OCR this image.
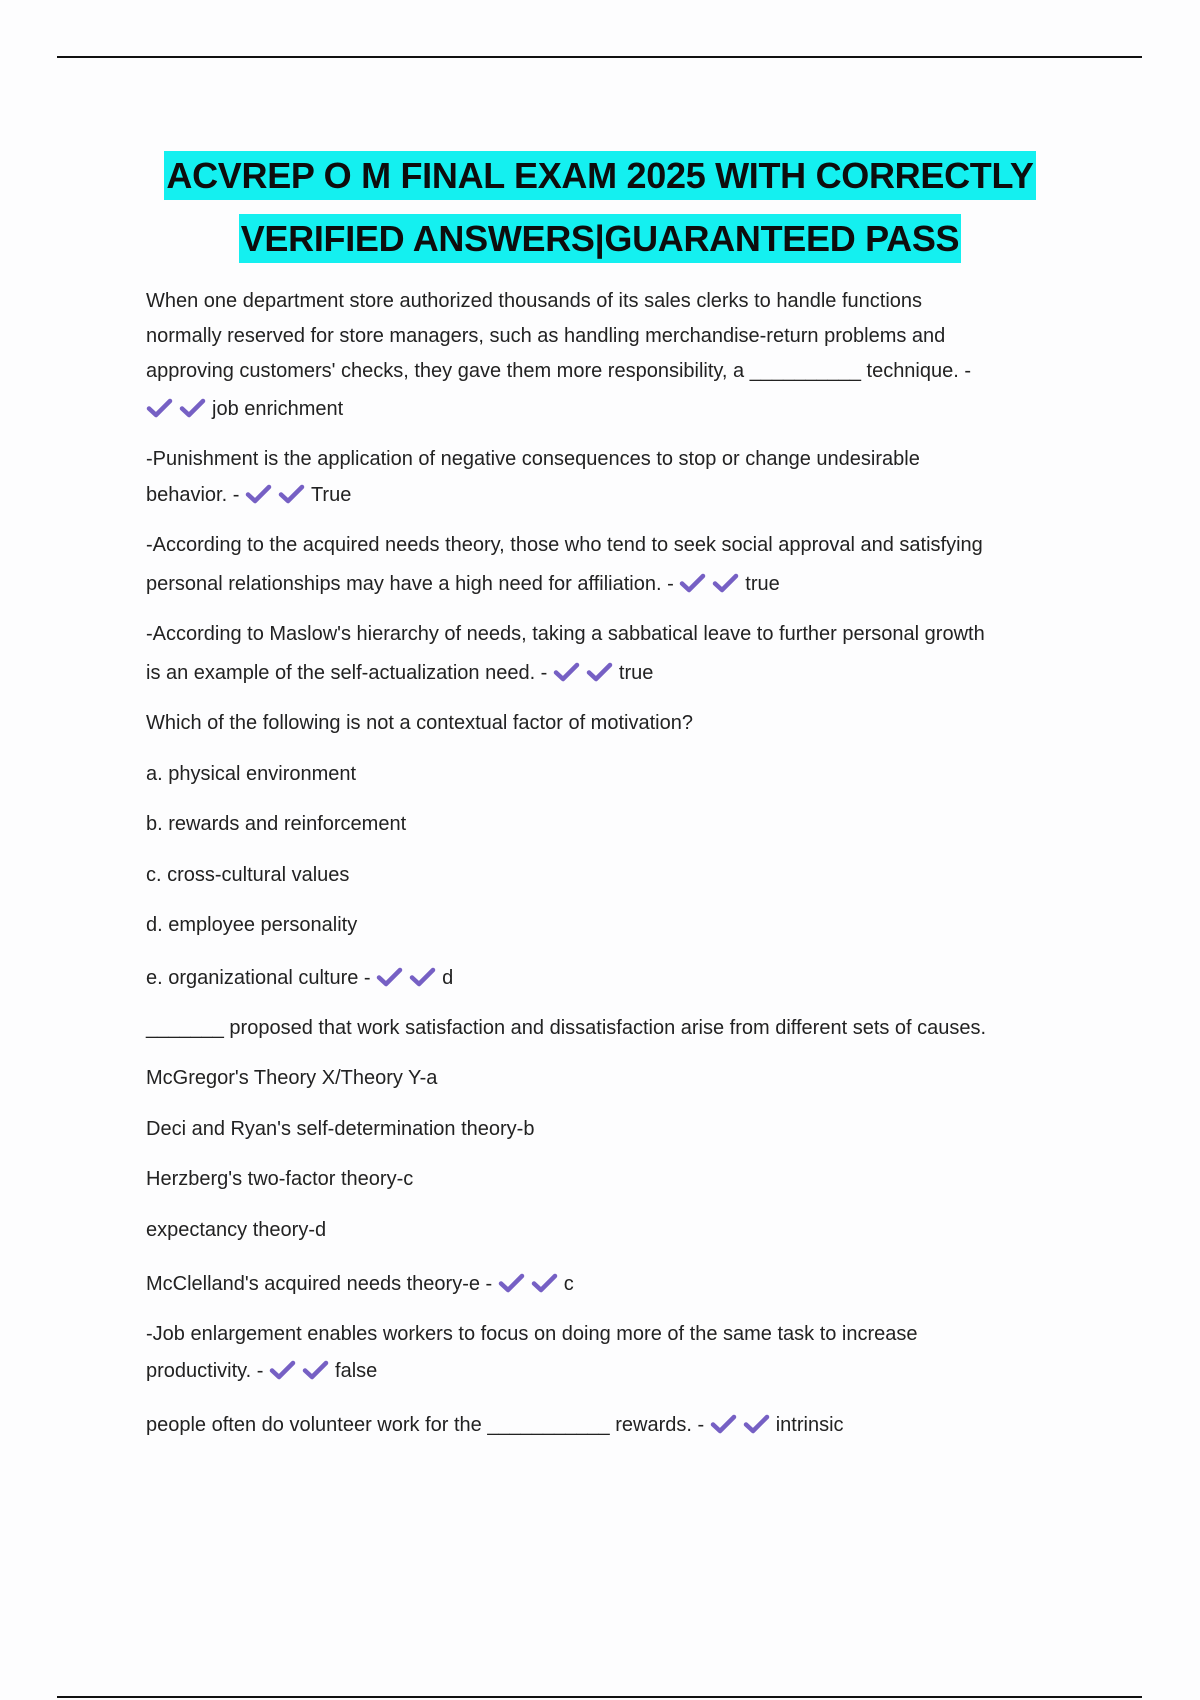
ACVREP O M FINAL EXAM 2025 WITH CORRECTLY
VERIFIED ANSWERS|GUARANTEED PASS
When one department store authorized thousands of its sales clerks to handle functions
normally reserved for store managers, such as handling merchandise-return problems and
approving customers' checks, they gave them more responsibility, a __________ technique. -
job enrichment
-Punishment is the application of negative consequences to stop or change undesirable
behavior. -	True
-According to the acquired needs theory, those who tend to seek social approval and satisfying
personal relationships may have a high need for affiliation. -	true
-According to Maslow's hierarchy of needs, taking a sabbatical leave to further personal growth
is an example of the self-actualization need. -	true
Which of the following is not a contextual factor of motivation?
a. physical environment
b. rewards and reinforcement
c. cross-cultural values
d. employee personality
e. organizational culture -	d
_______ proposed that work satisfaction and dissatisfaction arise from different sets of causes.
McGregor's Theory X/Theory Y-a
Deci and Ryan's self-determination theory-b
Herzberg's two-factor theory-c
expectancy theory-d
McClelland's acquired needs theory-e -	c
-Job enlargement enables workers to focus on doing more of the same task to increase
productivity. -	false
people often do volunteer work for the ___________ rewards. -	intrinsic
